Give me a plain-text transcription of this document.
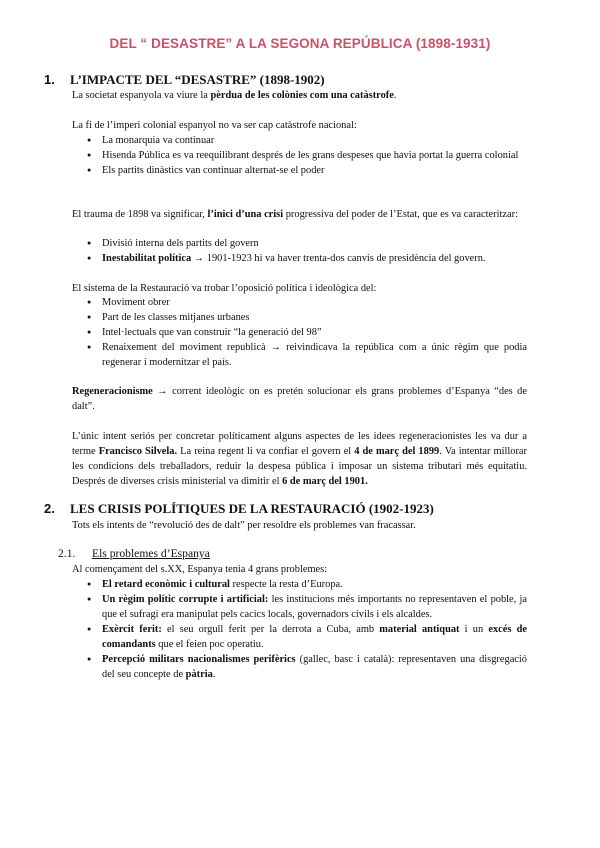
DEL “ DESASTRE” A LA SEGONA REPÚBLICA (1898-1931)
1. L’IMPACTE DEL “DESASTRE” (1898-1902)
La societat espanyola va viure la pèrdua de les colònies com una catàstrofe.
La fi de l’imperi colonial espanyol no va ser cap catàstrofe nacional:
● La monarquia va continuar
● Hisenda Pública es va reequilibrant després de les grans despeses que havia portat la guerra colonial
● Els partits dinàstics van continuar alternat-se el poder
El trauma de 1898 va significar, l’inici d’una crisi progressiva del poder de l’Estat, que es va caracteritzar:
● Divisió interna dels partits del govern
● Inestabilitat política → 1901-1923 hi va haver trenta-dos canvis de presidència del govern.
El sistema de la Restauració va trobar l’oposició política i ideològica del:
● Moviment obrer
● Part de les classes mitjanes urbanes
● Intel·lectuals que van construir “la generació del 98”
● Renaixement del moviment republicà → reivindicava la república com a únic règim que podia regenerar i modernitzar el país.
Regeneracionisme → corrent ideològic on es pretén solucionar els grans problemes d’Espanya “des de dalt”.
L’únic intent seriós per concretar políticament alguns aspectes de les idees regeneracionistes les va dur a terme Francisco Silvela. La reina regent li va confiar el govern el 4 de març del 1899. Va intentar millorar les condicions dels treballadors, reduir la despesa pública i imposar un sistema tributari més equitatiu. Després de diverses crisis ministerial va dimitir el 6 de març del 1901.
2. LES CRISIS POLÍTIQUES DE LA RESTAURACIÓ (1902-1923)
Tots els intents de “revolució des de dalt” per resoldre els problemes van fracassar.
2.1. Els problemes d’Espanya
Al començament del s.XX, Espanya tenia 4 grans problemes:
● El retard econòmic i cultural respecte la resta d’Europa.
● Un règim polític corrupte i artificial: les institucions més importants no representaven el poble, ja que el sufragi era manipulat pels cacics locals, governadors civils i els alcaldes.
● Exèrcit ferit: el seu orgull ferit per la derrota a Cuba, amb material antiquat i un excés de comandants que el feien poc operatiu.
● Percepció militars nacionalismes perifèrics (gallec, basc i català): representaven una disgregació del seu concepte de pàtria.
